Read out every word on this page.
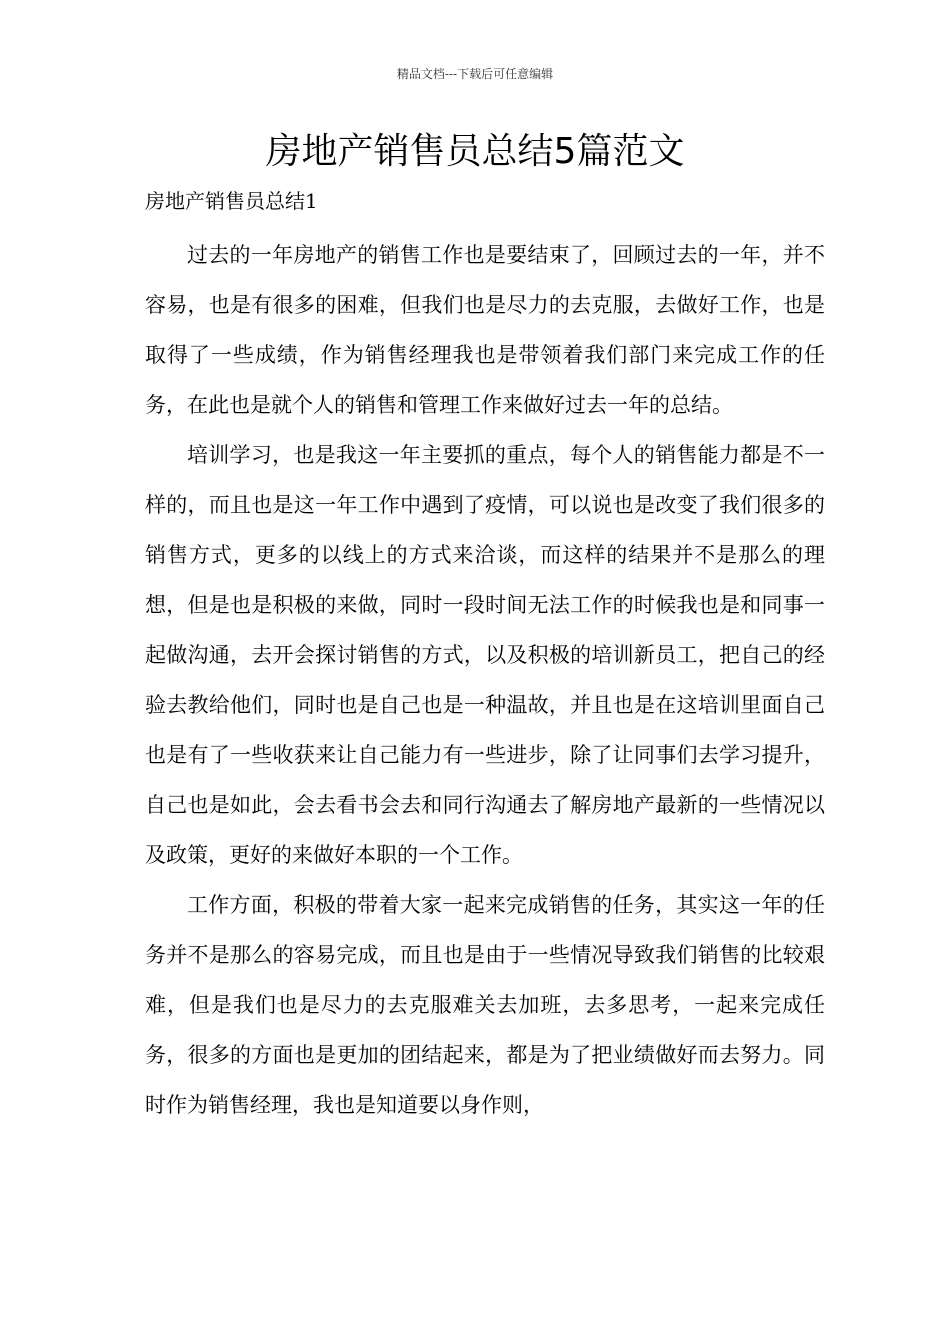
精品文档---下载后可任意编辑
房地产销售员总结5篇范文
房地产销售员总结1

过去的一年房地产的销售工作也是要结束了，回顾过去的一年，并不容易，也是有很多的困难，但我们也是尽力的去克服，去做好工作，也是取得了一些成绩，作为销售经理我也是带领着我们部门来完成工作的任务，在此也是就个人的销售和管理工作来做好过去一年的总结。

培训学习，也是我这一年主要抓的重点，每个人的销售能力都是不一样的，而且也是这一年工作中遇到了疫情，可以说也是改变了我们很多的销售方式，更多的以线上的方式来洽谈，而这样的结果并不是那么的理想，但是也是积极的来做，同时一段时间无法工作的时候我也是和同事一起做沟通，去开会探讨销售的方式，以及积极的培训新员工，把自己的经验去教给他们，同时也是自己也是一种温故，并且也是在这培训里面自己也是有了一些收获来让自己能力有一些进步，除了让同事们去学习提升，自己也是如此，会去看书会去和同行沟通去了解房地产最新的一些情况以及政策，更好的来做好本职的一个工作。

工作方面，积极的带着大家一起来完成销售的任务，其实这一年的任务并不是那么的容易完成，而且也是由于一些情况导致我们销售的比较艰难，但是我们也是尽力的去克服难关去加班，去多思考，一起来完成任务，很多的方面也是更加的团结起来，都是为了把业绩做好而去努力。同时作为销售经理，我也是知道要以身作则，
